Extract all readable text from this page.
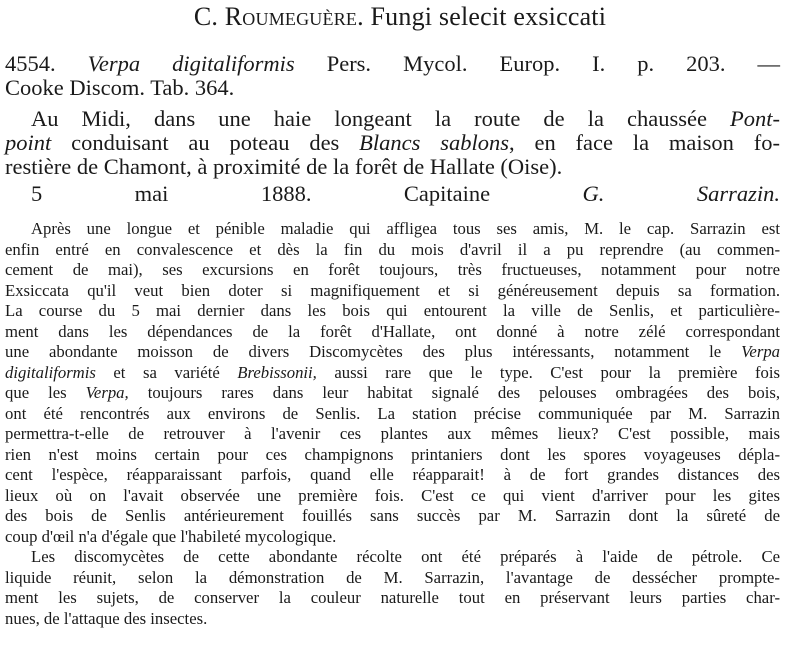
C. Roumeguère. Fungi selecit exsiccati
4554. Verpa digitaliformis Pers. Mycol. Europ. I. p. 203. —
Cooke Discom. Tab. 364.
Au Midi, dans une haie longeant la route de la chaussée Pont-
point conduisant au poteau des Blancs sablons, en face la maison fo-
restière de Chamont, à proximité de la forêt de Hallate (Oise).
5 mai 1888.	Capitaine	G. Sarrazin.
Après une longue et pénible maladie qui affligea tous ses amis, M. le cap. Sarrazin est
enfin entré en convalescence et dès la fin du mois d'avril il a pu reprendre (au commen-
cement de mai), ses excursions en forêt toujours, très fructueuses, notamment pour notre
Exsiccata qu'il veut bien doter si magnifiquement et si généreusement depuis sa formation.
La course du 5 mai dernier dans les bois qui entourent la ville de Senlis, et particulière-
ment dans les dépendances de la forêt d'Hallate, ont donné à notre zélé correspondant
une abondante moisson de divers Discomycètes des plus intéressants, notamment le Verpa
digitaliformis et sa variété Brebissonii, aussi rare que le type. C'est pour la première fois
que les Verpa, toujours rares dans leur habitat signalé des pelouses ombragées des bois,
ont été rencontrés aux environs de Senlis. La station précise communiquée par M. Sarrazin
permettra-t-elle de retrouver à l'avenir ces plantes aux mêmes lieux? C'est possible, mais
rien n'est moins certain pour ces champignons printaniers dont les spores voyageuses dépla-
cent l'espèce, réapparaissant parfois, quand elle réapparait! à de fort grandes distances des
lieux où on l'avait observée une première fois. C'est ce qui vient d'arriver pour les gites
des bois de Senlis antérieurement fouillés sans succès par M. Sarrazin dont la sûreté de
coup d'œil n'a d'égale que l'habileté mycologique.
Les discomycètes de cette abondante récolte ont été préparés à l'aide de pétrole. Ce
liquide réunit, selon la démonstration de M. Sarrazin, l'avantage de dessécher prompte-
ment les sujets, de conserver la couleur naturelle tout en préservant leurs parties char-
nues, de l'attaque des insectes.
